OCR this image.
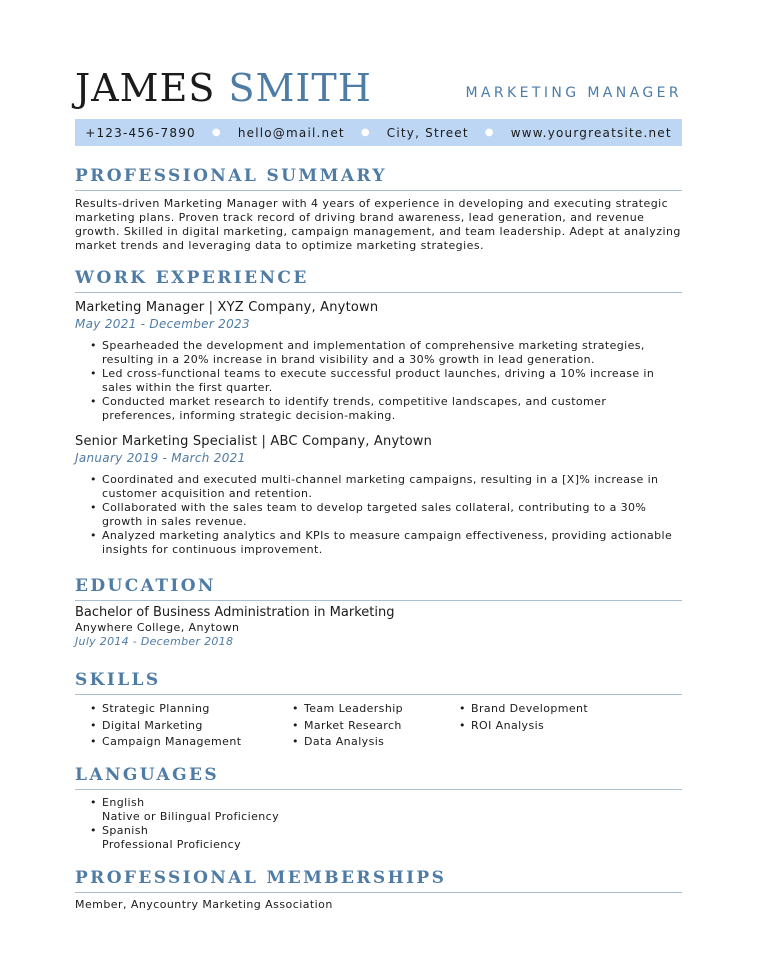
JAMES SMITH	MARKETING MANAGER
+123-456-7890 ● hello@mail.net ● City, Street ● www.yourgreatsite.net
PROFESSIONAL SUMMARY

Results-driven Marketing Manager with 4 years of experience in developing and executing strategic marketing plans. Proven track record of driving brand awareness, lead generation, and revenue growth. Skilled in digital marketing, campaign management, and team leadership. Adept at analyzing market trends and leveraging data to optimize marketing strategies.

WORK EXPERIENCE
Marketing Manager | XYZ Company, Anytown
May 2021 - December 2023
• Spearheaded the development and implementation of comprehensive marketing strategies, resulting in a 20% increase in brand visibility and a 30% growth in lead generation.
• Led cross-functional teams to execute successful product launches, driving a 10% increase in sales within the first quarter.
• Conducted market research to identify trends, competitive landscapes, and customer preferences, informing strategic decision-making.
Senior Marketing Specialist | ABC Company, Anytown
January 2019 - March 2021
• Coordinated and executed multi-channel marketing campaigns, resulting in a [X]% increase in customer acquisition and retention.
• Collaborated with the sales team to develop targeted sales collateral, contributing to a 30% growth in sales revenue.
• Analyzed marketing analytics and KPIs to measure campaign effectiveness, providing actionable insights for continuous improvement.
EDUCATION
Bachelor of Business Administration in Marketing
Anywhere College, Anytown
July 2014 - December 2018
SKILLS
• Strategic Planning
• Digital Marketing
• Campaign Management
• Team Leadership
• Market Research
• Data Analysis
• Brand Development
• ROI Analysis
LANGUAGES
• English
Native or Bilingual Proficiency
• Spanish
Professional Proficiency
PROFESSIONAL MEMBERSHIPS

Member, Anycountry Marketing Association
